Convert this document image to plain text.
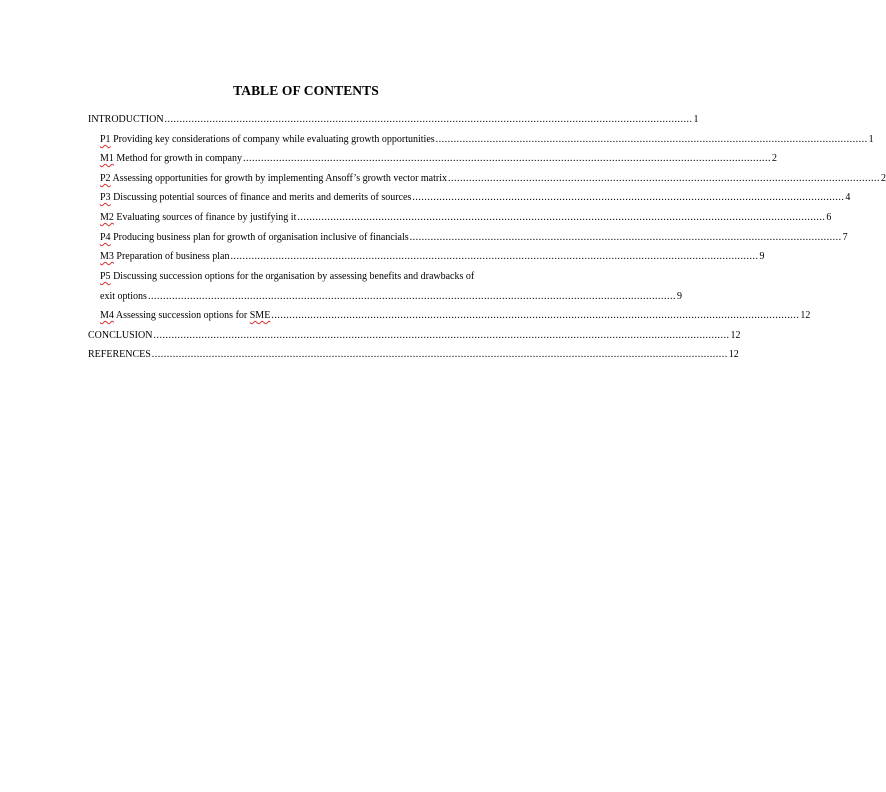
TABLE OF CONTENTS
INTRODUCTION ................................................................................................................................................................................ 1
P1 Providing key considerations of company while evaluating growth opportunities ................................................................................................................................................ 1
M1 Method for growth in company ................................................................................................................................................................................ 2
P2 Assessing opportunities for growth by implementing Ansoff’s growth vector matrix ................................................................................................................................................ 2
P3 Discussing potential sources of finance and merits and demerits of sources ................................................................................................................................................ 4
M2 Evaluating sources of finance by justifying it ................................................................................................................................................................................ 6
P4 Producing business plan for growth of organisation inclusive of financials ................................................................................................................................................ 7
M3 Preparation of business plan ................................................................................................................................................................................ 9
P5 Discussing succession options for the organisation by assessing benefits and drawbacks of
exit options ................................................................................................................................................................................ 9
M4 Assessing succession options for SME ................................................................................................................................................................................ 12
CONCLUSION ................................................................................................................................................................................................ 12
REFERENCES ................................................................................................................................................................................................ 12
